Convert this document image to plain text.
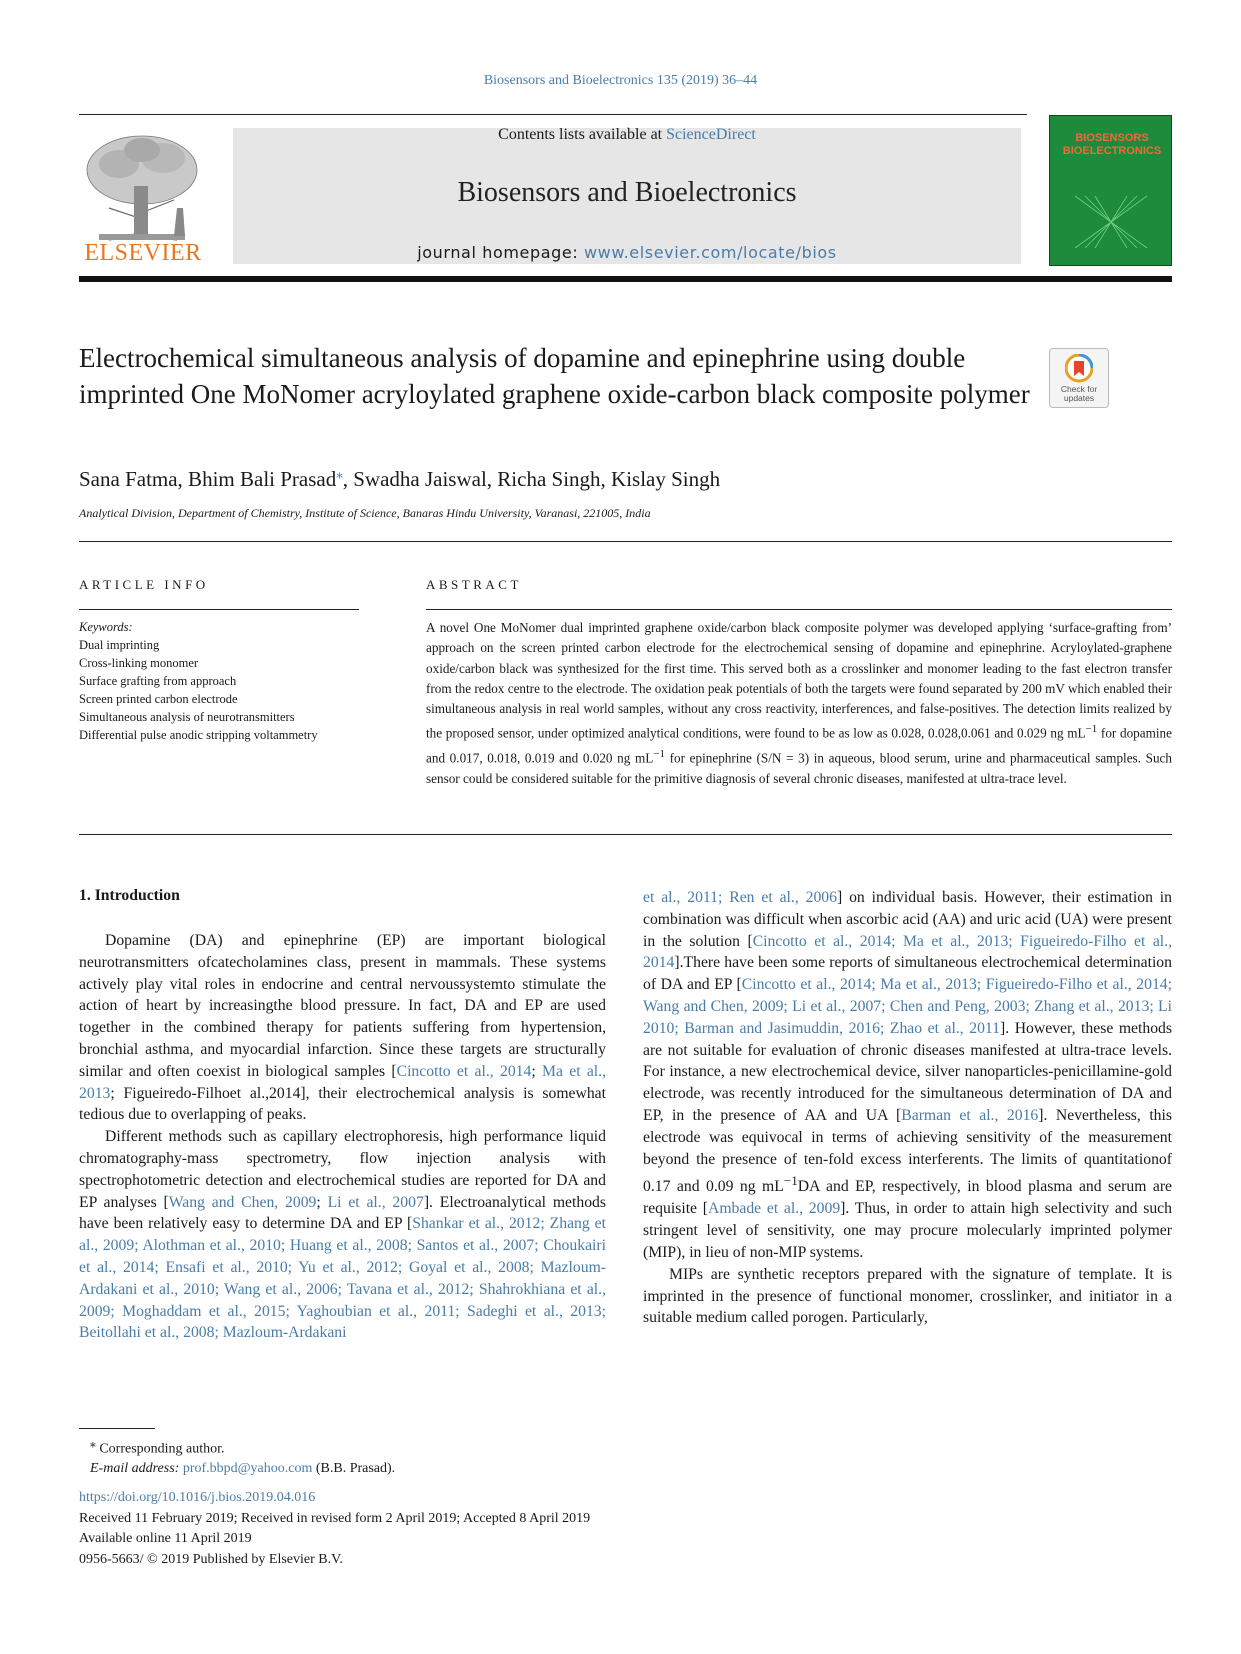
Biosensors and Bioelectronics 135 (2019) 36–44
ELSEVIER
Contents lists available at ScienceDirect
Biosensors and Bioelectronics
journal homepage: www.elsevier.com/locate/bios
BIOSENSORS BIOELECTRONICS
Electrochemical simultaneous analysis of dopamine and epinephrine using double imprinted One MoNomer acryloylated graphene oxide-carbon black composite polymer	Check for updates
Sana Fatma, Bhim Bali Prasad⁎, Swadha Jaiswal, Richa Singh, Kislay Singh
Analytical Division, Department of Chemistry, Institute of Science, Banaras Hindu University, Varanasi, 221005, India
ARTICLE INFO	ABSTRACT
Keywords:
Dual imprinting
Cross-linking monomer
Surface grafting from approach
Screen printed carbon electrode
Simultaneous analysis of neurotransmitters
Differential pulse anodic stripping voltammetry
A novel One MoNomer dual imprinted graphene oxide/carbon black composite polymer was developed applying ‘surface-grafting from’ approach on the screen printed carbon electrode for the electrochemical sensing of dopamine and epinephrine. Acryloylated-graphene oxide/carbon black was synthesized for the first time. This served both as a crosslinker and monomer leading to the fast electron transfer from the redox centre to the electrode. The oxidation peak potentials of both the targets were found separated by 200 mV which enabled their simultaneous analysis in real world samples, without any cross reactivity, interferences, and false-positives. The detection limits realized by the proposed sensor, under optimized analytical conditions, were found to be as low as 0.028, 0.028,0.061 and 0.029 ng $mL^{-1}$ for dopamine and 0.017, 0.018, 0.019 and 0.020 ng $mL^{-1}$ for epinephrine (S/N = 3) in aqueous, blood serum, urine and pharmaceutical samples. Such sensor could be considered suitable for the primitive diagnosis of several chronic diseases, manifested at ultra-trace level.
1. Introduction

Dopamine (DA) and epinephrine (EP) are important biological neurotransmitters ofcatecholamines class, present in mammals. These systems actively play vital roles in endocrine and central nervoussystemto stimulate the action of heart by increasingthe blood pressure. In fact, DA and EP are used together in the combined therapy for patients suffering from hypertension, bronchial asthma, and myocardial infarction. Since these targets are structurally similar and often coexist in biological samples [Cincotto et al., 2014; Ma et al., 2013; Figueiredo-Filhoet al.,2014], their electrochemical analysis is somewhat tedious due to overlapping of peaks.

Different methods such as capillary electrophoresis, high performance liquid chromatography-mass spectrometry, flow injection analysis with spectrophotometric detection and electrochemical studies are reported for DA and EP analyses [Wang and Chen, 2009; Li et al., 2007]. Electroanalytical methods have been relatively easy to determine DA and EP [Shankar et al., 2012; Zhang et al., 2009; Alothman et al., 2010; Huang et al., 2008; Santos et al., 2007; Choukairi et al., 2014; Ensafi et al., 2010; Yu et al., 2012; Goyal et al., 2008; Mazloum-Ardakani et al., 2010; Wang et al., 2006; Tavana et al., 2012; Shahrokhiana et al., 2009; Moghaddam et al., 2015; Yaghoubian et al., 2011; Sadeghi et al., 2013; Beitollahi et al., 2008; Mazloum-Ardakani

et al., 2011; Ren et al., 2006] on individual basis. However, their estimation in combination was difficult when ascorbic acid (AA) and uric acid (UA) were present in the solution [Cincotto et al., 2014; Ma et al., 2013; Figueiredo-Filho et al., 2014].There have been some reports of simultaneous electrochemical determination of DA and EP [Cincotto et al., 2014; Ma et al., 2013; Figueiredo-Filho et al., 2014; Wang and Chen, 2009; Li et al., 2007; Chen and Peng, 2003; Zhang et al., 2013; Li 2010; Barman and Jasimuddin, 2016; Zhao et al., 2011]. However, these methods are not suitable for evaluation of chronic diseases manifested at ultra-trace levels. For instance, a new electrochemical device, silver nanoparticles-penicillamine-gold electrode, was recently introduced for the simultaneous determination of DA and EP, in the presence of AA and UA [Barman et al., 2016]. Nevertheless, this electrode was equivocal in terms of achieving sensitivity of the measurement beyond the presence of ten-fold excess interferents. The limits of quantitationof 0.17 and 0.09 ng $mL^{-1}DA$ and EP, respectively, in blood plasma and serum are requisite [Ambade et al., 2009]. Thus, in order to attain high selectivity and such stringent level of sensitivity, one may procure molecularly imprinted polymer (MIP), in lieu of non-MIP systems.

MIPs are synthetic receptors prepared with the signature of template. It is imprinted in the presence of functional monomer, crosslinker, and initiator in a suitable medium called porogen. Particularly,

⁎ Corresponding author.
E-mail address: prof.bbpd@yahoo.com (B.B. Prasad).
https://doi.org/10.1016/j.bios.2019.04.016
Received 11 February 2019; Received in revised form 2 April 2019; Accepted 8 April 2019
Available online 11 April 2019
0956-5663/ © 2019 Published by Elsevier B.V.
